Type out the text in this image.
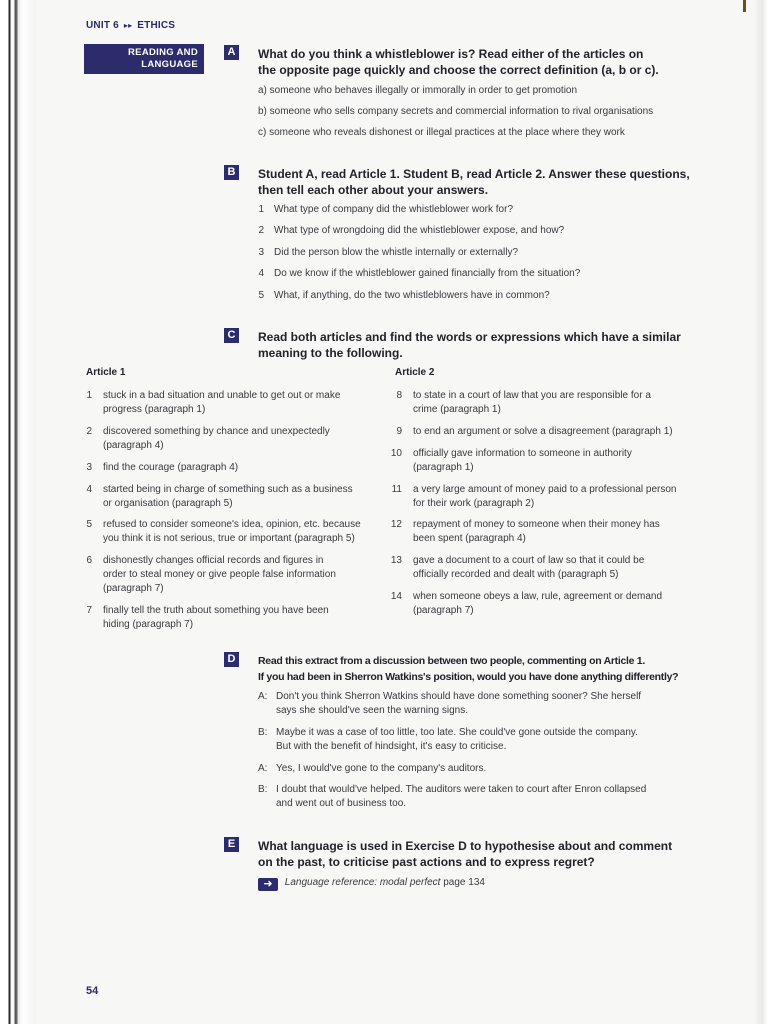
UNIT 6 ▸▸ ETHICS
READING AND
LANGUAGE
A What do you think a whistleblower is? Read either of the articles on
the opposite page quickly and choose the correct definition (a, b or c).
a) someone who behaves illegally or immorally in order to get promotion
b) someone who sells company secrets and commercial information to rival organisations
c) someone who reveals dishonest or illegal practices at the place where they work
B Student A, read Article 1. Student B, read Article 2. Answer these questions,
then tell each other about your answers.
1 What type of company did the whistleblower work for?
2 What type of wrongdoing did the whistleblower expose, and how?
3 Did the person blow the whistle internally or externally?
4 Do we know if the whistleblower gained financially from the situation?
5 What, if anything, do the two whistleblowers have in common?
C Read both articles and find the words or expressions which have a similar
meaning to the following.
Article 1	Article 2
1 stuck in a bad situation and unable to get out or make
progress (paragraph 1)
2 discovered something by chance and unexpectedly
(paragraph 4)
3 find the courage (paragraph 4)
4 started being in charge of something such as a business
or organisation (paragraph 5)
5 refused to consider someone's idea, opinion, etc. because
you think it is not serious, true or important (paragraph 5)
6 dishonestly changes official records and figures in
order to steal money or give people false information
(paragraph 7)
7 finally tell the truth about something you have been
hiding (paragraph 7)
8 to state in a court of law that you are responsible for a
crime (paragraph 1)
9 to end an argument or solve a disagreement (paragraph 1)
10 officially gave information to someone in authority
(paragraph 1)
11 a very large amount of money paid to a professional person
for their work (paragraph 2)
12 repayment of money to someone when their money has
been spent (paragraph 4)
13 gave a document to a court of law so that it could be
officially recorded and dealt with (paragraph 5)
14 when someone obeys a law, rule, agreement or demand
(paragraph 7)
D	Read this extract from a discussion between two people, commenting on Article 1.
If you had been in Sherron Watkins's position, would you have done anything differently?
A: Don't you think Sherron Watkins should have done something sooner? She herself
says she should've seen the warning signs.
B: Maybe it was a case of too little, too late. She could've gone outside the company.
But with the benefit of hindsight, it's easy to criticise.
A: Yes, I would've gone to the company's auditors.
B: I doubt that would've helped. The auditors were taken to court after Enron collapsed
and went out of business too.
E	What language is used in Exercise D to hypothesise about and comment
on the past, to criticise past actions and to express regret?
➜ Language reference: modal perfect page 134
54
